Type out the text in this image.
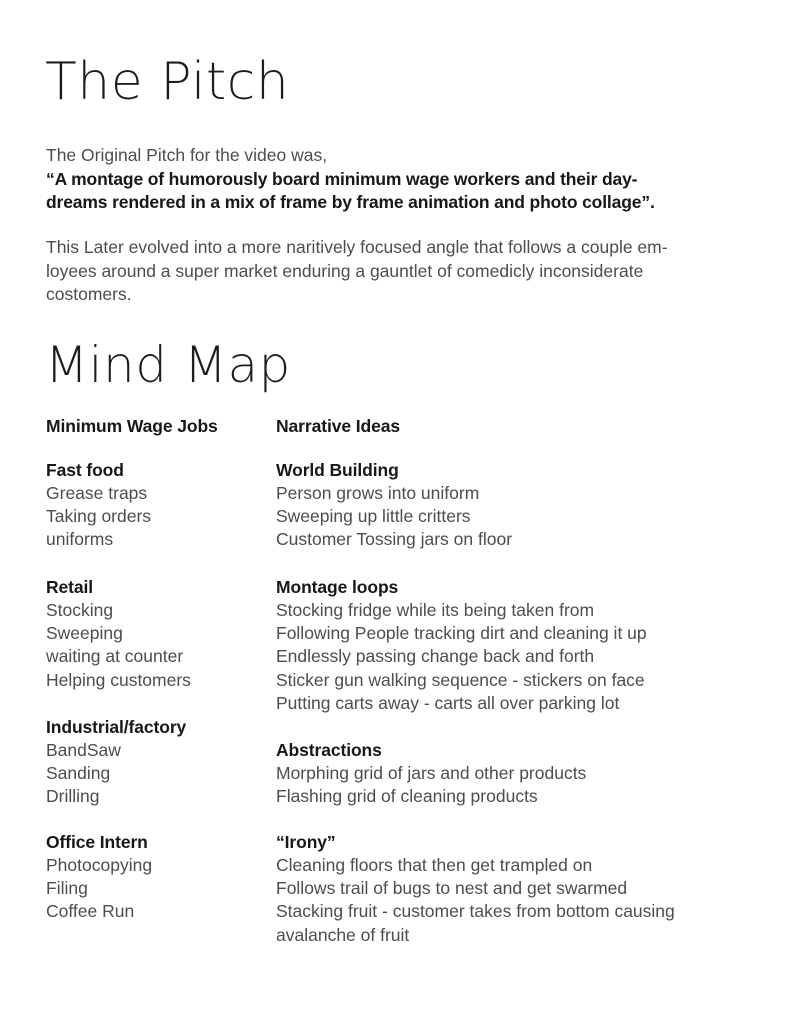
The Pitch
The Original Pitch for the video was,
“A montage of humorously board minimum wage workers and their day-
dreams rendered in a mix of frame by frame animation and photo collage”.
This Later evolved into a more naritively focused angle that follows a couple em-
loyees around a super market enduring a gauntlet of comedicly inconsiderate
costomers.
Mind Map
Minimum Wage Jobs
Fast food
Grease traps
Taking orders
uniforms
Retail
Stocking
Sweeping
waiting at counter
Helping customers
Industrial/factory
BandSaw
Sanding
Drilling
Office Intern
Photocopying
Filing
Coffee Run
Narrative Ideas
World Building
Person grows into uniform
Sweeping up little critters
Customer Tossing jars on floor
Montage loops
Stocking fridge while its being taken from
Following People tracking dirt and cleaning it up
Endlessly passing change back and forth
Sticker gun walking sequence - stickers on face
Putting carts away - carts all over parking lot
Abstractions
Morphing grid of jars and other products
Flashing grid of cleaning products
“Irony”
Cleaning floors that then get trampled on
Follows trail of bugs to nest and get swarmed
Stacking fruit - customer takes from bottom causing
avalanche of fruit
